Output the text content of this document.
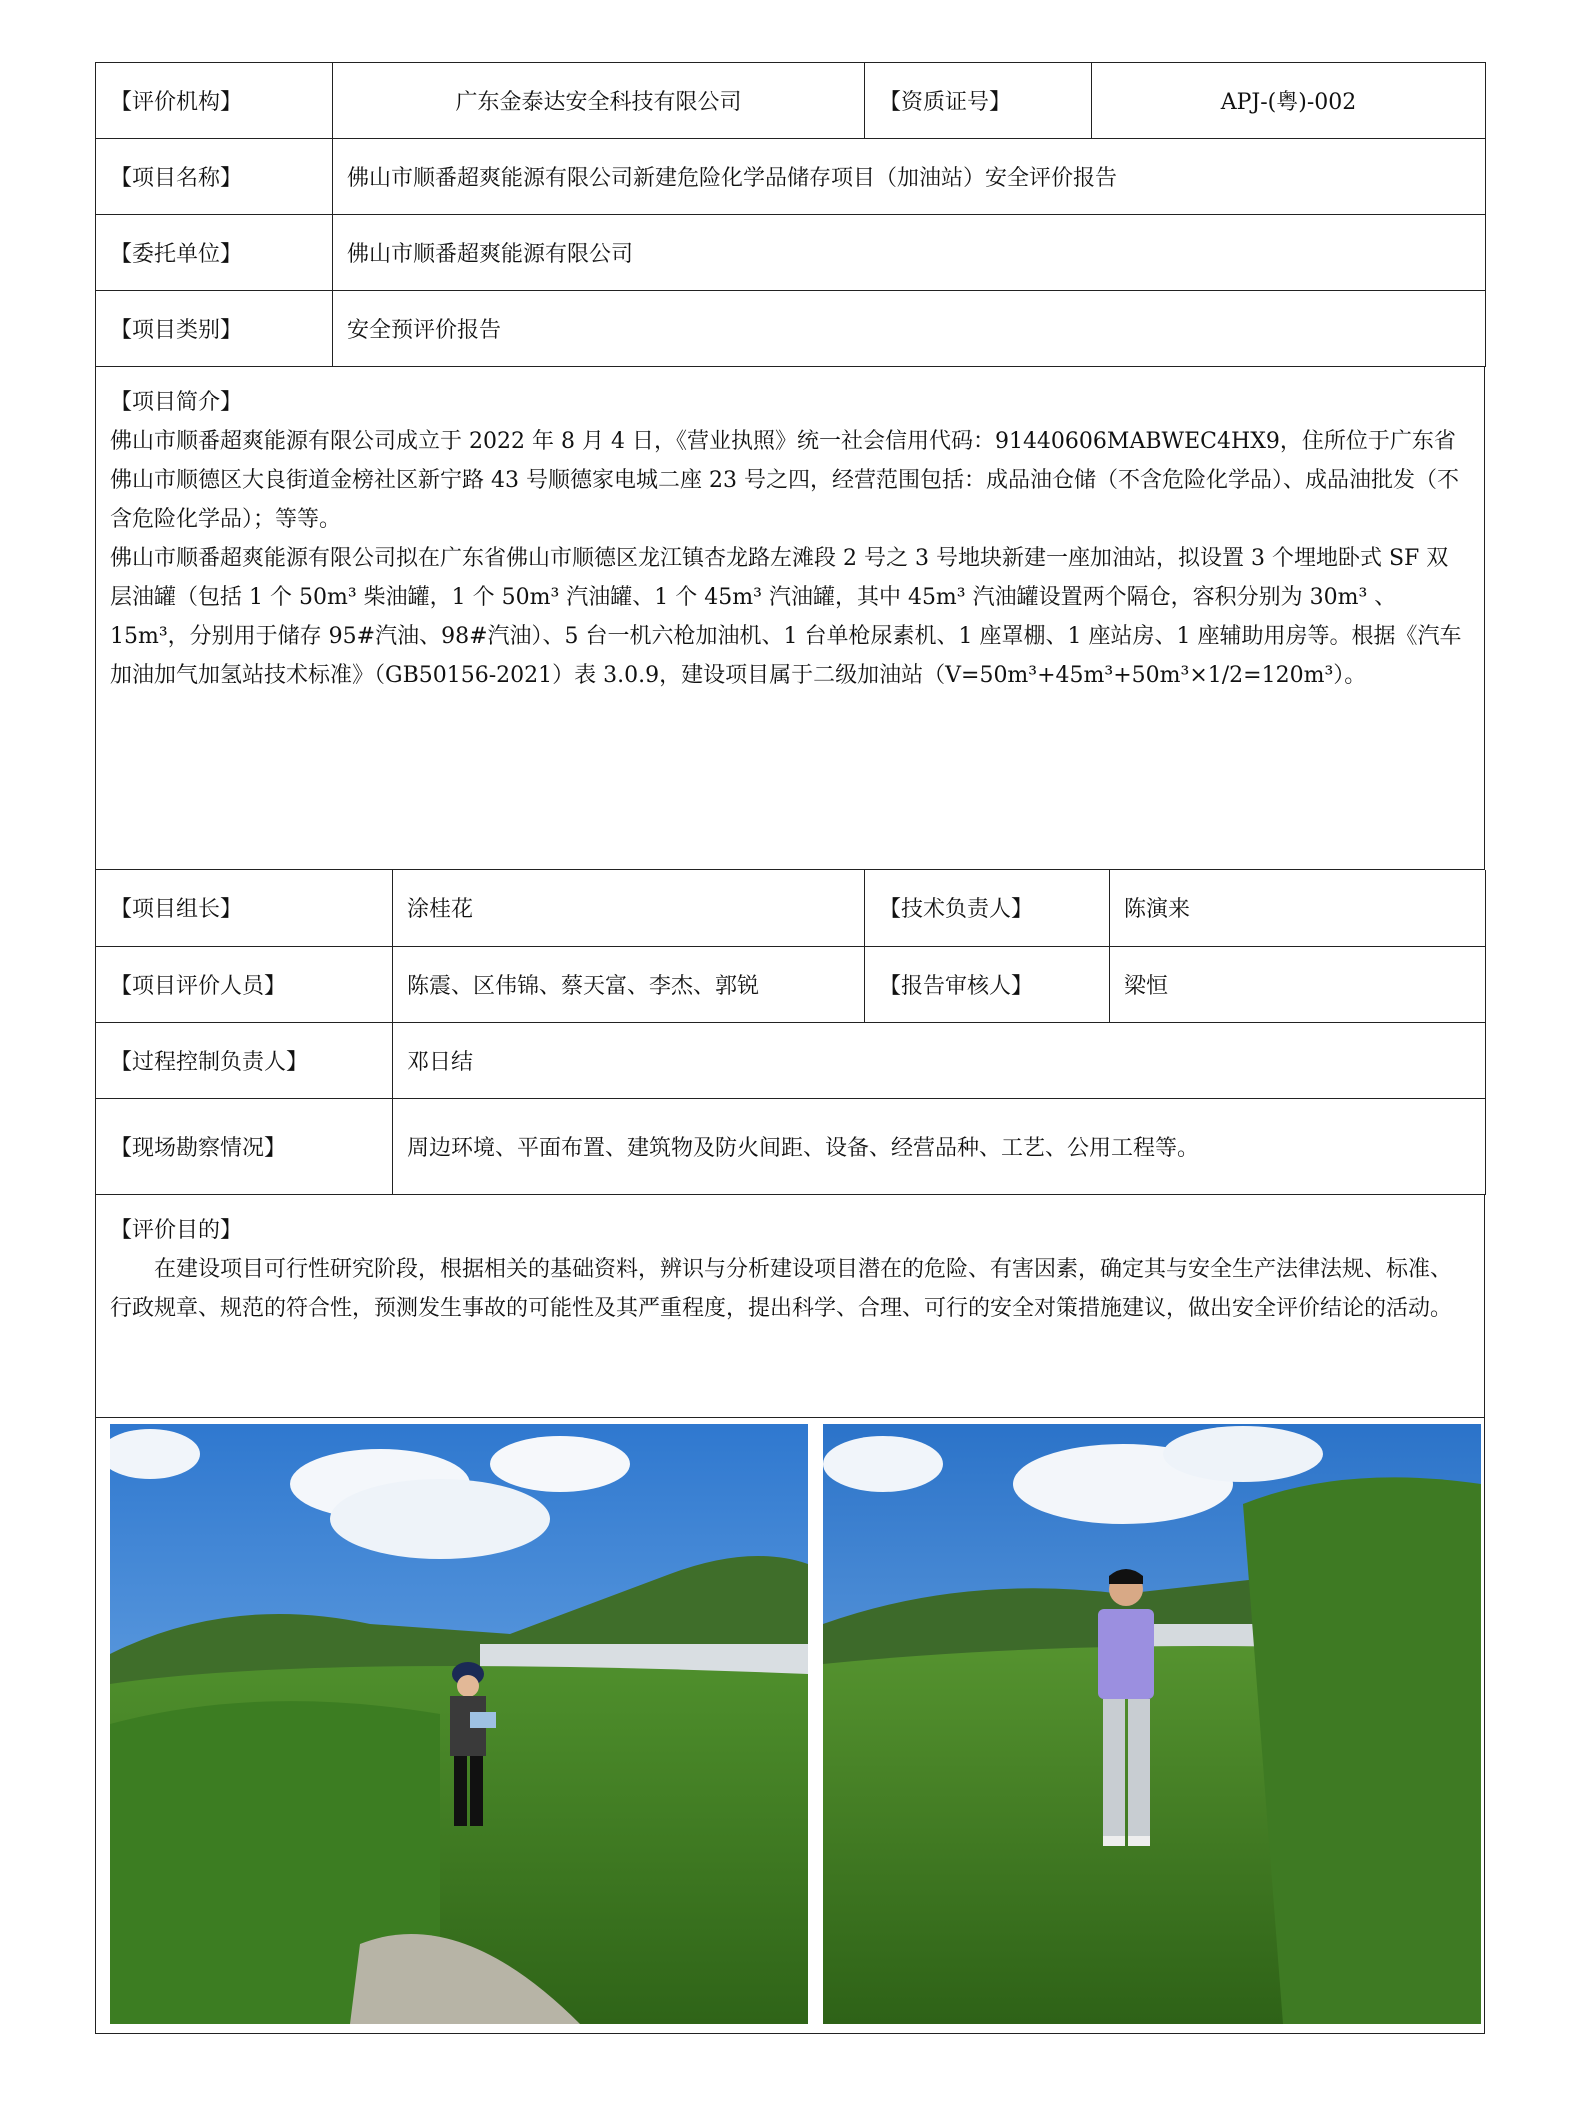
【评价机构】	广东金泰达安全科技有限公司	【资质证号】	APJ-(粤)-002
【项目名称】	佛山市顺番超爽能源有限公司新建危险化学品储存项目（加油站）安全评价报告		
【委托单位】	佛山市顺番超爽能源有限公司		
【项目类别】	安全预评价报告		
【项目简介】
佛山市顺番超爽能源有限公司成立于 2022 年 8 月 4 日，《营业执照》统一社会信用代码：91440606MABWEC4HX9，住所位于广东省佛山市顺德区大良街道金榜社区新宁路 43 号顺德家电城二座 23 号之四，经营范围包括：成品油仓储（不含危险化学品）、成品油批发（不含危险化学品）；等等。
佛山市顺番超爽能源有限公司拟在广东省佛山市顺德区龙江镇杏龙路左滩段 2 号之 3 号地块新建一座加油站，拟设置 3 个埋地卧式 SF 双层油罐（包括 1 个 50m³ 柴油罐，1 个 50m³ 汽油罐、1 个 45m³ 汽油罐，其中 45m³ 汽油罐设置两个隔仓，容积分别为 30m³ 、15m³，分别用于储存 95#汽油、98#汽油）、5 台一机六枪加油机、1 台单枪尿素机、1 座罩棚、1 座站房、1 座辅助用房等。根据《汽车加油加气加氢站技术标准》（GB50156-2021）表 3.0.9，建设项目属于二级加油站（V=50m³+45m³+50m³×1/2=120m³）。
【项目组长】	涂桂花	【技术负责人】	陈演来
【项目评价人员】	陈震、区伟锦、蔡天富、李杰、郭锐	【报告审核人】	梁恒
【过程控制负责人】	邓日结		
【现场勘察情况】	周边环境、平面布置、建筑物及防火间距、设备、经营品种、工艺、公用工程等。		
【评价目的】
在建设项目可行性研究阶段，根据相关的基础资料，辨识与分析建设项目潜在的危险、有害因素，确定其与安全生产法律法规、标准、行政规章、规范的符合性，预测发生事故的可能性及其严重程度，提出科学、合理、可行的安全对策措施建议，做出安全评价结论的活动。
